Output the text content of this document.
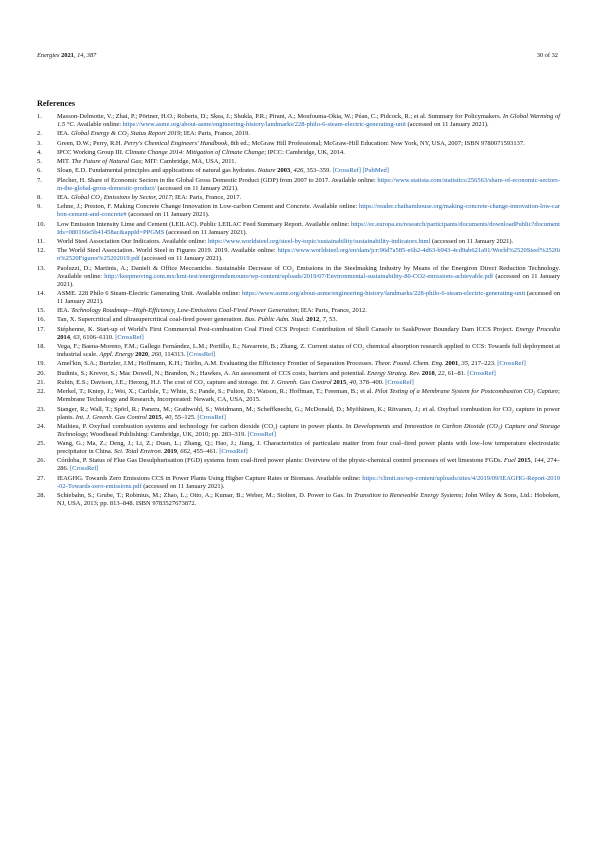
Energies 2021, 14, 387	30 of 32
References
1.	Masson-Delmotte, V.; Zhai, P.; Pörtner, H.O.; Roberts, D.; Skea, J.; Shukla, P.R.; Pirani, A.; Moufouma-Okia, W.; Péan, C.; Pidcock, R.; et al. Summary for Policymakers. In Global Warming of 1.5 °C. Available online: https://www.asme.org/about-asme/engineering-history/landmarks/228-philo-6-steam-electric-generating-unit (accessed on 11 January 2021).
2.	IEA. Global Energy & CO₂ Status Report 2019; IEA: Paris, France, 2019.
3.	Green, D.W.; Perry, R.H. Perry's Chemical Engineers' Handbook, 8th ed.; McGraw Hill Professional; McGraw-Hill Education: New York, NY, USA, 2007; ISBN 9780071593137.
4.	IPCC Working Group III. Climate Change 2014: Mitigation of Climate Change; IPCC: Cambridge, UK, 2014.
5.	MIT. The Future of Natural Gas; MIT: Cambridge, MA, USA, 2011.
6.	Sloan, E.D. Fundamental principles and applications of natural gas hydrates. Nature 2003, 426, 353–359. [CrossRef] [PubMed]
7.	Plecher, H. Share of Economic Sectors in the Global Gross Domestic Product (GDP) from 2007 to 2017. Available online: https://www.statista.com/statistics/256563/share-of-economic-sectors-in-the-global-gross-domestic-product/ (accessed on 11 January 2021).
8.	IEA. Global CO₂ Emissions by Sector, 2017; IEA: Paris, France, 2017.
9.	Lehne, J.; Preston, F. Making Concrete Change Innovation in Low-carbon Cement and Concrete. Available online: https://reader.chathamhouse.org/making-concrete-change-innovation-low-carbon-cement-and-concrete# (accessed on 11 January 2021).
10.	Low Emission Intensity Lime and Cement (LEILAC). Public LEILAC Feed Summary Report. Available online: https://ec.europa.eu/research/participants/documents/downloadPublic?documentIds=080166e5b41458ac&appId=PPGMS (accessed on 11 January 2021).
11.	World Steel Association Our Indicators. Available online: https://www.worldsteel.org/steel-by-topic/sustainability/sustainability-indicators.html (accessed on 11 January 2021).
12.	The World Steel Association. World Steel in Figures 2019. 2019. Available online: https://www.worldsteel.org/en/dam/jcr:96d7a585-e6b2-4d63-b943-4cd9ab621a91/World%2520Steel%2520in%2520Figures%25202019.pdf (accessed on 11 January 2021).
13.	Paoluzzi, D.; Martinis, A.; Danieli & Office Meccaniche. Sustainable Decrease of CO₂ Emissions in the Steelmaking Industry by Means of the Energiron Direct Reduction Technology. Available online: http://keepmoving.com.mx/kmt-test/energirondemouno/wp-content/uploads/2019/07/Environmental-sustainability-80-CO2-emissions-achievable.pdf (accessed on 11 January 2021).
14.	ASME. 228 Philo 6 Steam-Electric Generating Unit. Available online: https://www.asme.org/about-asme/engineering-history/landmarks/228-philo-6-steam-electric-generating-unit (accessed on 11 January 2021).
15.	IEA. Technology Roadmap—High-Efficiency, Low-Emissions Coal-Fired Power Generation; IEA: Paris, France, 2012.
16.	Tan, X. Supercritical and ultrasupercritical coal-fired power generation. Bus. Public Adm. Stud. 2012, 7, 53.
17.	Stéphenne, K. Start-up of World's First Commercial Post-combustion Coal Fired CCS Project: Contribution of Shell Cansolv to SaskPower Boundary Dam ICCS Project. Energy Procedia 2014, 63, 6106–6110. [CrossRef]
18.	Vega, F.; Baena-Moreno, F.M.; Gallego Fernández, L.M.; Portillo, E.; Navarrete, B.; Zhang, Z. Current status of CO₂ chemical absorption research applied to CCS: Towards full deployment at industrial scale. Appl. Energy 2020, 260, 114313. [CrossRef]
19.	Amel'kin, S.A.; Burtzler, J.M.; Hoffmann, K.H.; Tsirlin, A.M. Evaluating the Efficiency Frontier of Separation Processes. Theor. Found. Chem. Eng. 2001, 35, 217–223. [CrossRef]
20.	Budinis, S.; Krevor, S.; Mac Dowell, N.; Brandon, N.; Hawkes, A. An assessment of CCS costs, barriers and potential. Energy Strateg. Rev. 2018, 22, 61–81. [CrossRef]
21.	Rubin, E.S.; Davison, J.E.; Herzog, H.J. The cost of CO₂ capture and storage. Int. J. Greenh. Gas Control 2015, 40, 378–400. [CrossRef]
22.	Merkel, T.; Kniep, J.; Wei, X.; Carlisle, T.; White, S.; Pande, S.; Fulton, D.; Watson, R.; Hoffman, T.; Freeman, B.; et al. Pilot Testing of a Membrane System for Postcombustion CO₂ Capture; Membrane Technology and Research, Incorporated: Newark, CA, USA, 2015.
23.	Stanger, R.; Wall, T.; Spörl, R.; Paneru, M.; Grathwohl, S.; Weidmann, M.; Scheffknecht, G.; McDonald, D.; Myöhänen, K.; Ritvanen, J.; et al. Oxyfuel combustion for CO₂ capture in power plants. Int. J. Greenh. Gas Control 2015, 40, 55–125. [CrossRef]
24.	Mathieu, P. Oxyfuel combustion systems and technology for carbon dioxide (CO₂) capture in power plants. In Developments and Innovation in Carbon Dioxide (CO₂) Capture and Storage Technology; Woodhead Publishing: Cambridge, UK, 2010; pp. 283–319. [CrossRef]
25.	Wang, G.; Ma, Z.; Deng, J.; Li, Z.; Duan, L.; Zhang, Q.; Hao, J.; Jiang, J. Characteristics of particulate matter from four coal–fired power plants with low–low temperature electrostatic precipitator in China. Sci. Total Environ. 2019, 662, 455–461. [CrossRef]
26.	Córdoba, P. Status of Flue Gas Desulphurisation (FGD) systems from coal-fired power plants: Overview of the physic-chemical control processes of wet limestone FGDs. Fuel 2015, 144, 274–286. [CrossRef]
27.	IEAGHG. Towards Zero Emissions CCS in Power Plants Using Higher Capture Rates or Biomass. Available online: https://climit.no/wp-content/uploads/sites/4/2019/09/IEAGHG-Report-2019-02-Towards-zero-emissions.pdf (accessed on 11 January 2021).
28.	Schiebahn, S.; Grube, T.; Robinius, M.; Zhao, L.; Otto, A.; Kumar, B.; Weber, M.; Stolten, D. Power to Gas. In Transition to Renewable Energy Systems; John Wiley & Sons, Ltd.: Hoboken, NJ, USA, 2013; pp. 813–848. ISBN 9783527673872.
